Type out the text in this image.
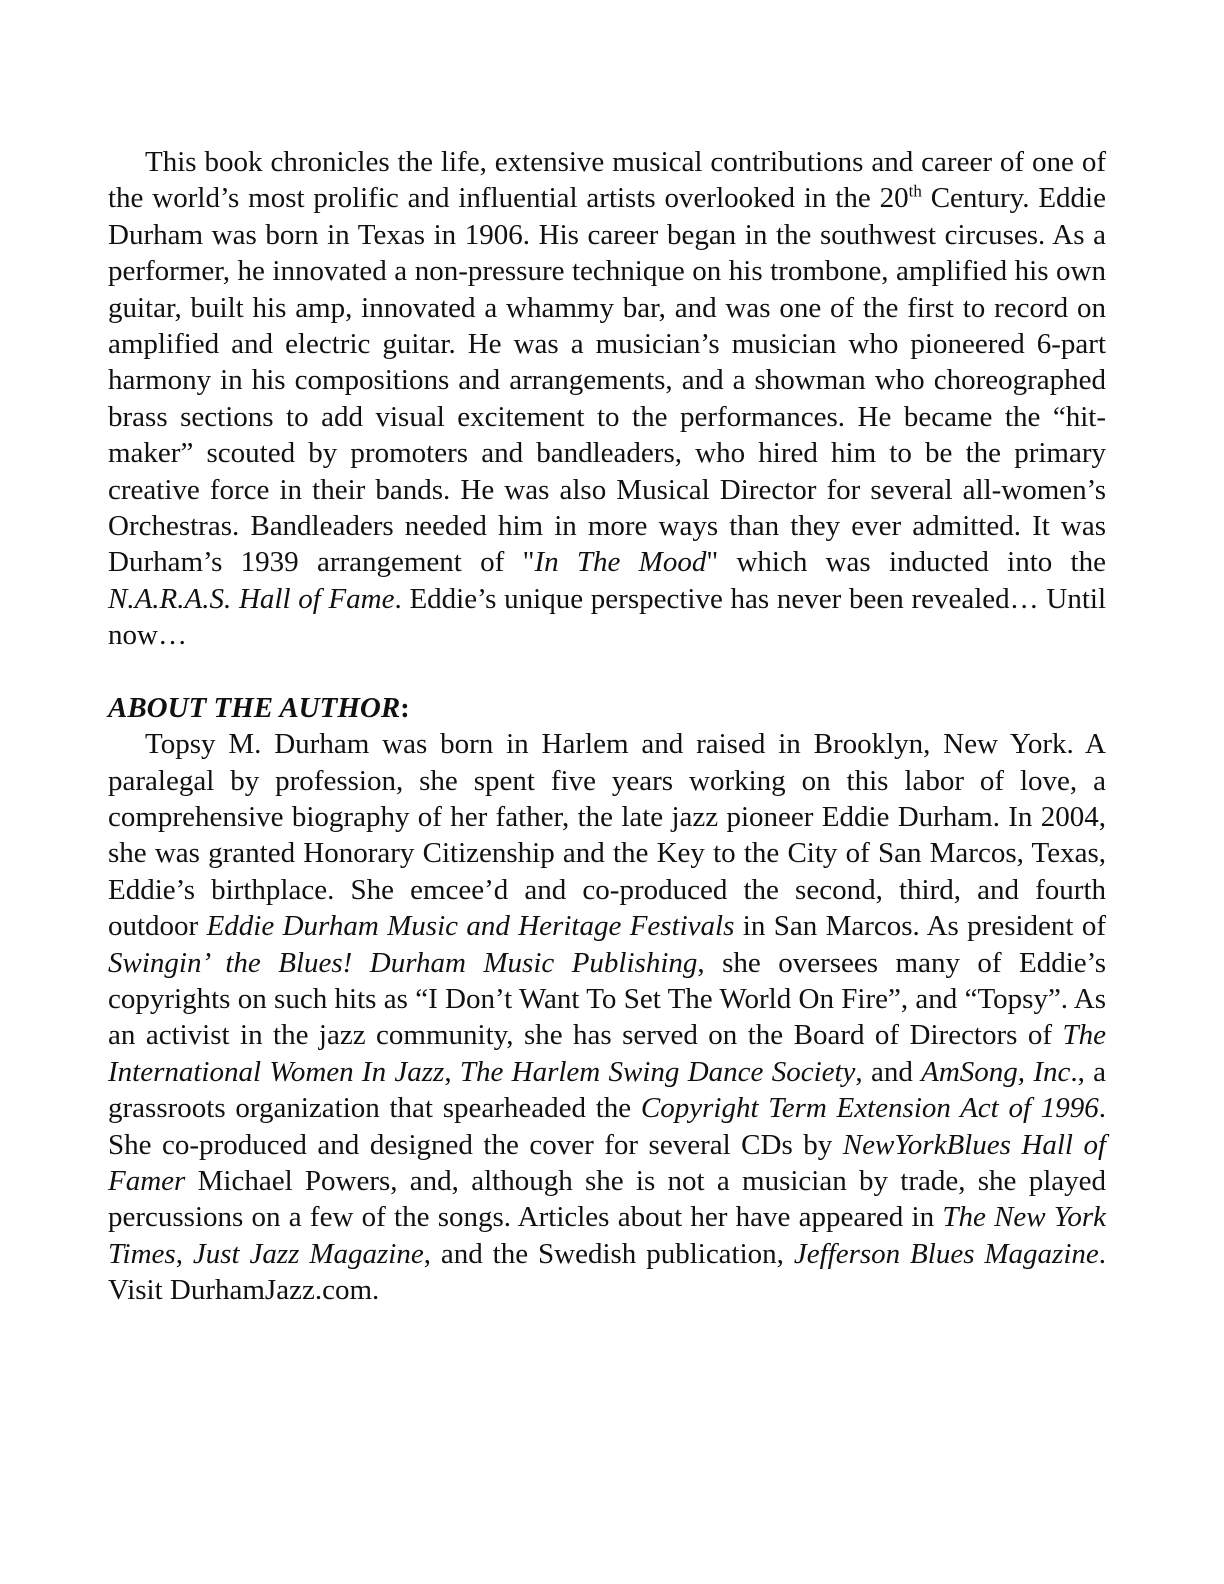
This book chronicles the life, extensive musical contributions and career of one of the world’s most prolific and influential artists overlooked in the 20th Century. Eddie Durham was born in Texas in 1906. His career began in the southwest circuses. As a performer, he innovated a non-pressure technique on his trombone, amplified his own guitar, built his amp, innovated a whammy bar, and was one of the first to record on amplified and electric guitar. He was a musician’s musician who pioneered 6-part harmony in his compositions and arrangements, and a showman who choreographed brass sections to add visual excitement to the performances. He became the “hit-maker” scouted by promoters and bandleaders, who hired him to be the primary creative force in their bands. He was also Musical Director for several all-women’s Orchestras. Bandleaders needed him in more ways than they ever admitted. It was Durham’s 1939 arrangement of "In The Mood" which was inducted into the N.A.R.A.S. Hall of Fame. Eddie’s unique perspective has never been revealed… Until now…

ABOUT THE AUTHOR:

Topsy M. Durham was born in Harlem and raised in Brooklyn, New York. A paralegal by profession, she spent five years working on this labor of love, a comprehensive biography of her father, the late jazz pioneer Eddie Durham. In 2004, she was granted Honorary Citizenship and the Key to the City of San Marcos, Texas, Eddie’s birthplace. She emcee’d and co-produced the second, third, and fourth outdoor Eddie Durham Music and Heritage Festivals in San Marcos. As president of Swingin’ the Blues! Durham Music Publishing, she oversees many of Eddie’s copyrights on such hits as “I Don’t Want To Set The World On Fire”, and “Topsy”. As an activist in the jazz community, she has served on the Board of Directors of The International Women In Jazz, The Harlem Swing Dance Society, and AmSong, Inc., a grassroots organization that spearheaded the Copyright Term Extension Act of 1996. She co-produced and designed the cover for several CDs by NewYorkBlues Hall of Famer Michael Powers, and, although she is not a musician by trade, she played percussions on a few of the songs. Articles about her have appeared in The New York Times, Just Jazz Magazine, and the Swedish publication, Jefferson Blues Magazine. Visit DurhamJazz.com.
